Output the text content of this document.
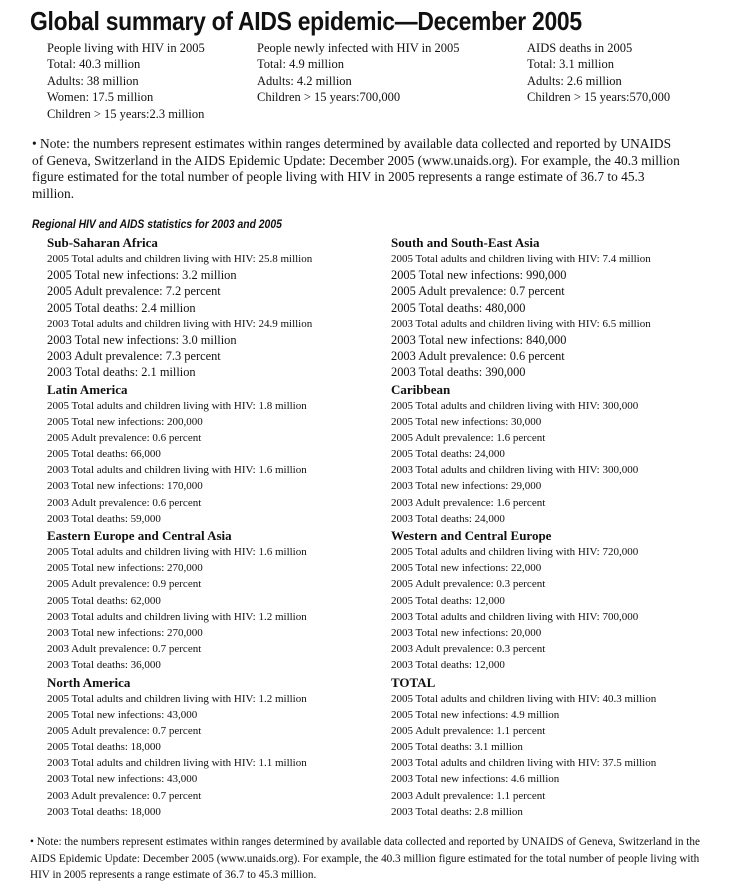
Global summary of AIDS epidemic—December 2005
People living with HIV in 2005
Total: 40.3 million
Adults: 38 million
Women: 17.5 million
Children > 15 years:2.3 million
People newly infected with HIV in 2005
Total: 4.9 million
Adults: 4.2 million
Children > 15 years:700,000
AIDS deaths in 2005
Total: 3.1 million
Adults: 2.6 million
Children > 15 years:570,000

• Note: the numbers represent estimates within ranges determined by available data collected and reported by UNAIDS of Geneva, Switzerland in the AIDS Epidemic Update: December 2005 (www.unaids.org). For example, the 40.3 million figure estimated for the total number of people living with HIV in 2005 represents a range estimate of 36.7 to 45.3 million.

Regional HIV and AIDS statistics for 2003 and 2005
Sub-Saharan Africa
2005 Total adults and children living with HIV: 25.8 million
2005 Total new infections: 3.2 million
2005 Adult prevalence: 7.2 percent
2005 Total deaths: 2.4 million
2003 Total adults and children living with HIV: 24.9 million
2003 Total new infections: 3.0 million
2003 Adult prevalence: 7.3 percent
2003 Total deaths: 2.1 million
Latin America
2005 Total adults and children living with HIV: 1.8 million
2005 Total new infections: 200,000
2005 Adult prevalence: 0.6 percent
2005 Total deaths: 66,000
2003 Total adults and children living with HIV: 1.6 million
2003 Total new infections: 170,000
2003 Adult prevalence: 0.6 percent
2003 Total deaths: 59,000
Eastern Europe and Central Asia
2005 Total adults and children living with HIV: 1.6 million
2005 Total new infections: 270,000
2005 Adult prevalence: 0.9 percent
2005 Total deaths: 62,000
2003 Total adults and children living with HIV: 1.2 million
2003 Total new infections: 270,000
2003 Adult prevalence: 0.7 percent
2003 Total deaths: 36,000
North America
2005 Total adults and children living with HIV: 1.2 million
2005 Total new infections: 43,000
2005 Adult prevalence: 0.7 percent
2005 Total deaths: 18,000
2003 Total adults and children living with HIV: 1.1 million
2003 Total new infections: 43,000
2003 Adult prevalence: 0.7 percent
2003 Total deaths: 18,000
South and South-East Asia
2005 Total adults and children living with HIV: 7.4 million
2005 Total new infections: 990,000
2005 Adult prevalence: 0.7 percent
2005 Total deaths: 480,000
2003 Total adults and children living with HIV: 6.5 million
2003 Total new infections: 840,000
2003 Adult prevalence: 0.6 percent
2003 Total deaths: 390,000
Caribbean
2005 Total adults and children living with HIV: 300,000
2005 Total new infections: 30,000
2005 Adult prevalence: 1.6 percent
2005 Total deaths: 24,000
2003 Total adults and children living with HIV: 300,000
2003 Total new infections: 29,000
2003 Adult prevalence: 1.6 percent
2003 Total deaths: 24,000
Western and Central Europe
2005 Total adults and children living with HIV: 720,000
2005 Total new infections: 22,000
2005 Adult prevalence: 0.3 percent
2005 Total deaths: 12,000
2003 Total adults and children living with HIV: 700,000
2003 Total new infections: 20,000
2003 Adult prevalence: 0.3 percent
2003 Total deaths: 12,000
TOTAL
2005 Total adults and children living with HIV: 40.3 million
2005 Total new infections: 4.9 million
2005 Adult prevalence: 1.1 percent
2005 Total deaths: 3.1 million
2003 Total adults and children living with HIV: 37.5 million
2003 Total new infections: 4.6 million
2003 Adult prevalence: 1.1 percent
2003 Total deaths: 2.8 million

• Note: the numbers represent estimates within ranges determined by available data collected and reported by UNAIDS of Geneva, Switzerland in the AIDS Epidemic Update: December 2005 (www.unaids.org). For example, the 40.3 million figure estimated for the total number of people living with HIV in 2005 represents a range estimate of 36.7 to 45.3 million.
